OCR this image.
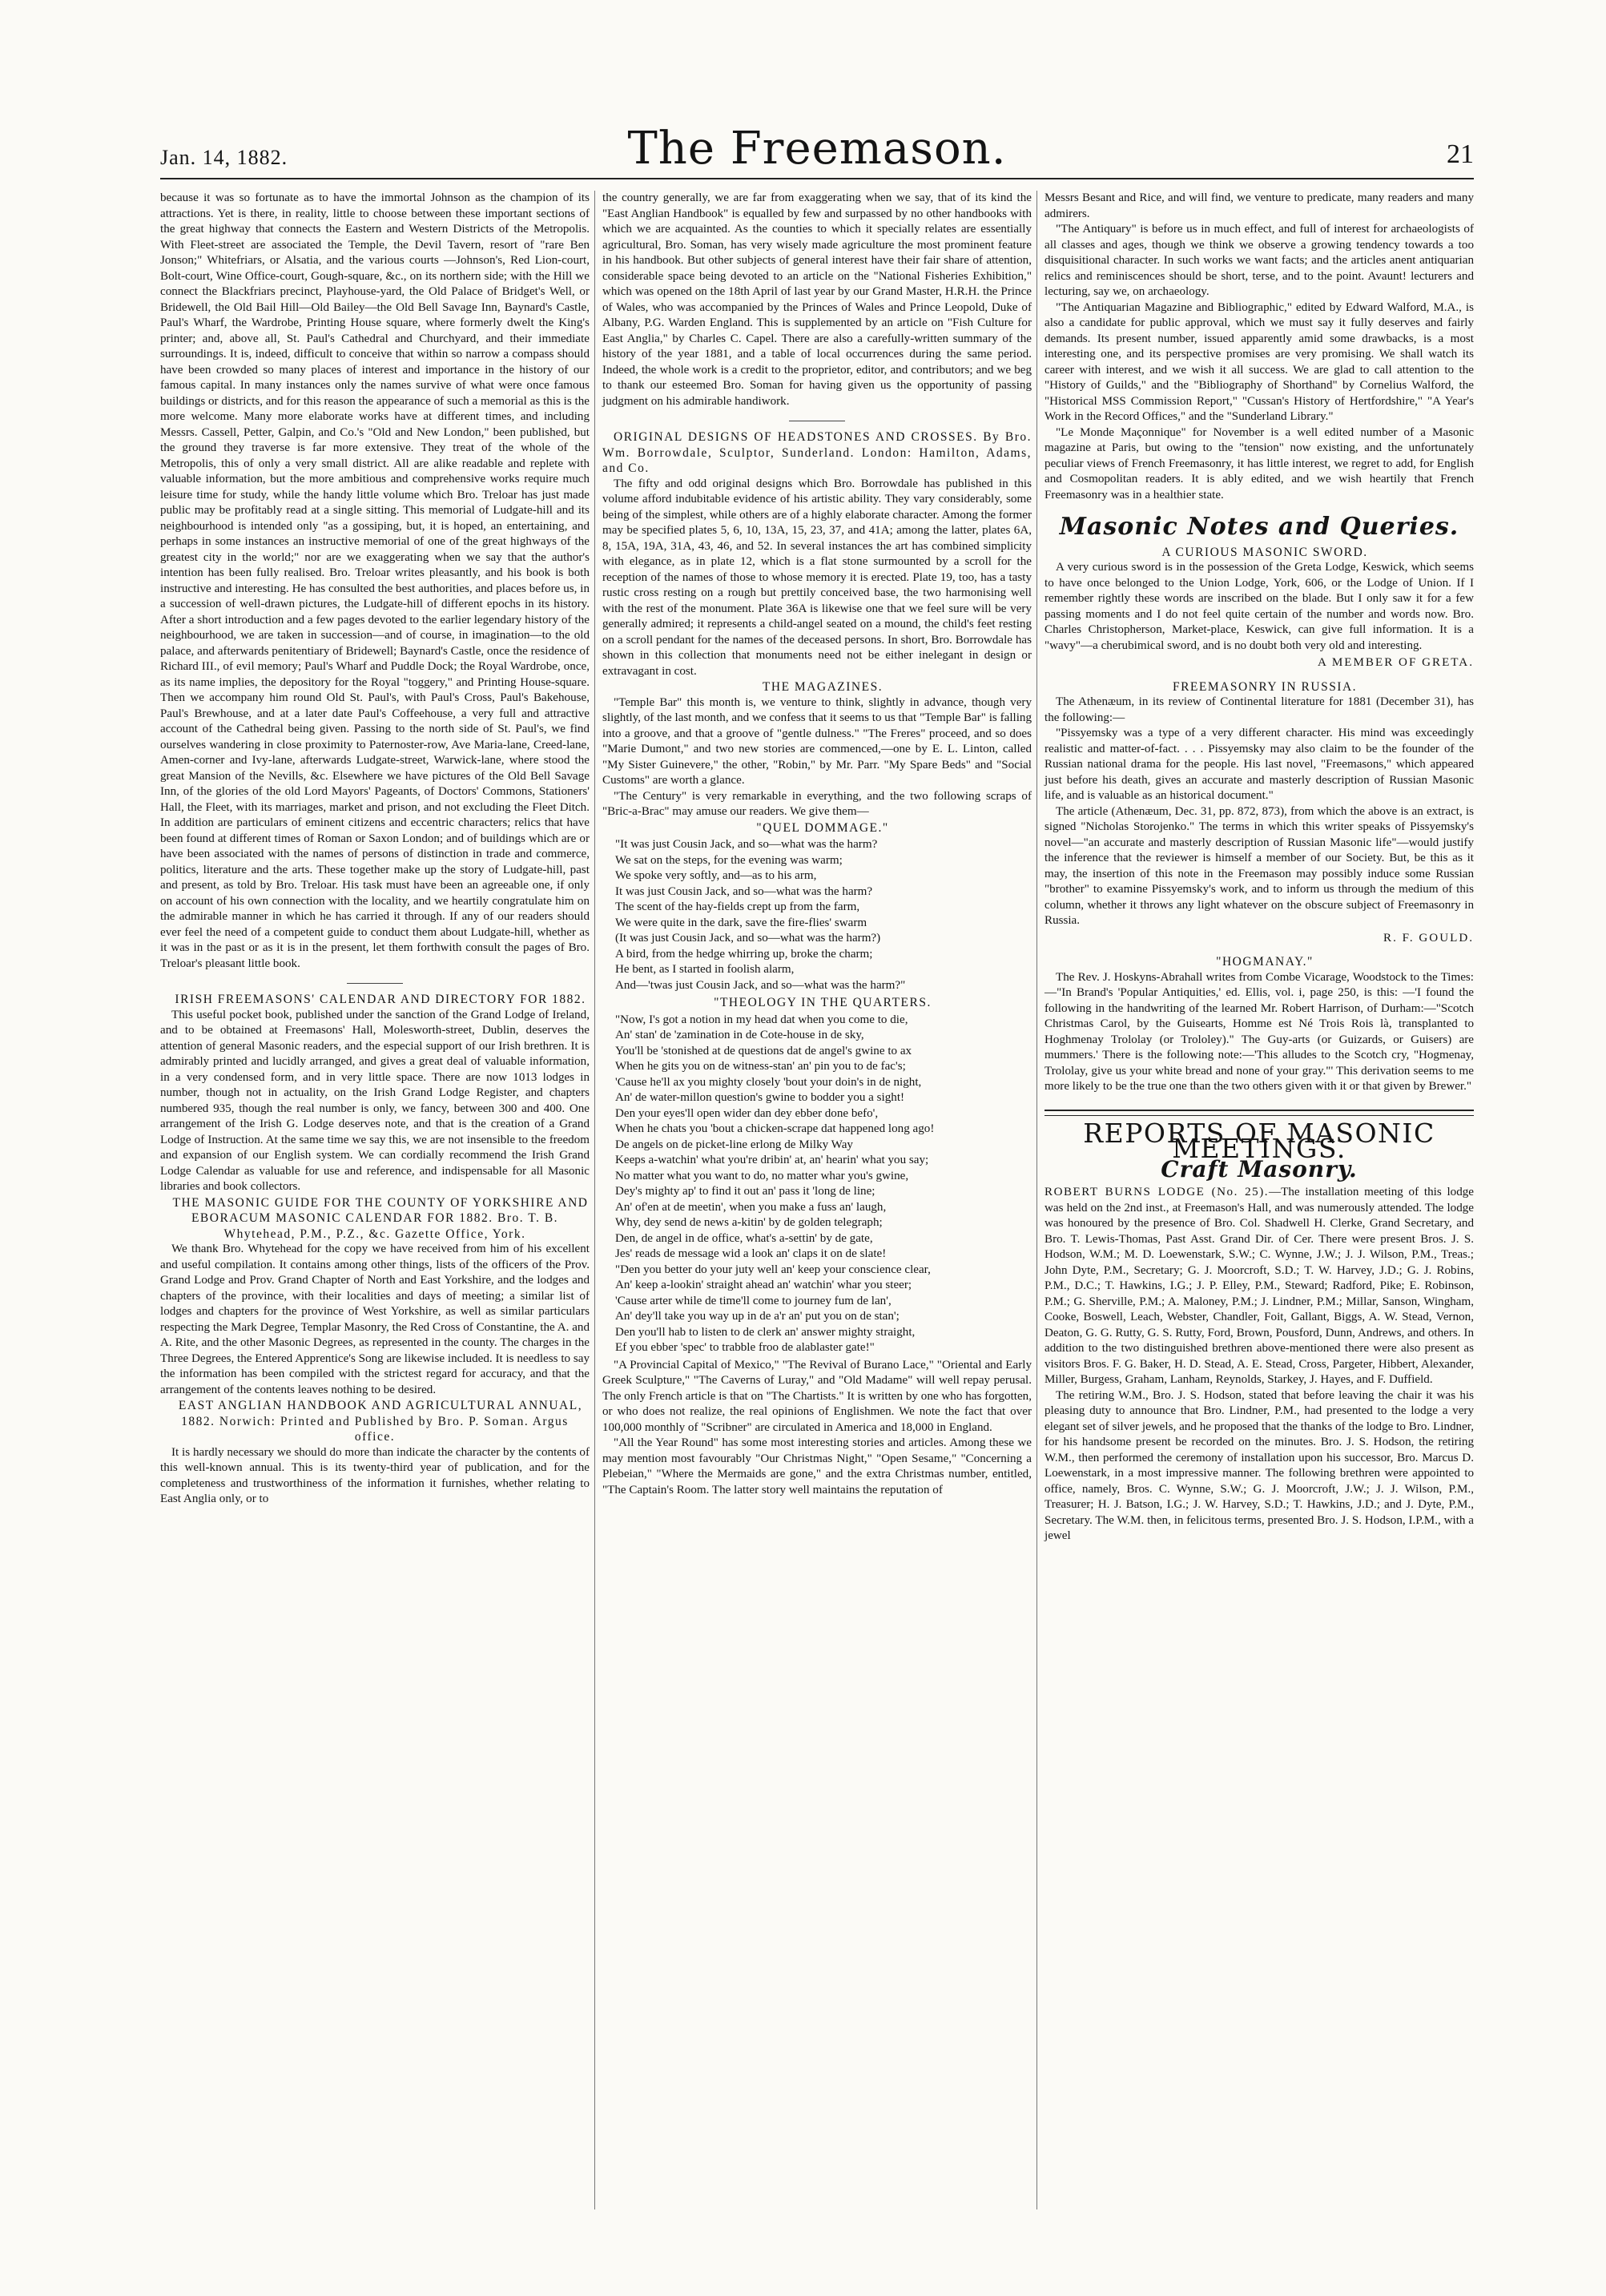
Jan. 14, 1882.	The Freemason.	21

because it was so fortunate as to have the immortal Johnson as the champion of its attractions. Yet is there, in reality, little to choose between these important sections of the great highway that connects the Eastern and Western Districts of the Metropolis. With Fleet-street are associated the Temple, the Devil Tavern, resort of "rare Ben Jonson;" Whitefriars, or Alsatia, and the various courts —Johnson's, Red Lion-court, Bolt-court, Wine Office-court, Gough-square, &c., on its northern side; with the Hill we connect the Blackfriars precinct, Playhouse-yard, the Old Palace of Bridget's Well, or Bridewell, the Old Bail Hill—Old Bailey—the Old Bell Savage Inn, Baynard's Castle, Paul's Wharf, the Wardrobe, Printing House square, where formerly dwelt the King's printer; and, above all, St. Paul's Cathedral and Churchyard, and their immediate surroundings. It is, indeed, difficult to conceive that within so narrow a compass should have been crowded so many places of interest and importance in the history of our famous capital. In many instances only the names survive of what were once famous buildings or districts, and for this reason the appearance of such a memorial as this is the more welcome. Many more elaborate works have at different times, and including Messrs. Cassell, Petter, Galpin, and Co.'s "Old and New London," been published, but the ground they traverse is far more extensive. They treat of the whole of the Metropolis, this of only a very small district. All are alike readable and replete with valuable information, but the more ambitious and comprehensive works require much leisure time for study, while the handy little volume which Bro. Treloar has just made public may be profitably read at a single sitting. This memorial of Ludgate-hill and its neighbourhood is intended only "as a gossiping, but, it is hoped, an entertaining, and perhaps in some instances an instructive memorial of one of the great highways of the greatest city in the world;" nor are we exaggerating when we say that the author's intention has been fully realised. Bro. Treloar writes pleasantly, and his book is both instructive and interesting. He has consulted the best authorities, and places before us, in a succession of well-drawn pictures, the Ludgate-hill of different epochs in its history. After a short introduction and a few pages devoted to the earlier legendary history of the neighbourhood, we are taken in succession—and of course, in imagination—to the old palace, and afterwards penitentiary of Bridewell; Baynard's Castle, once the residence of Richard III., of evil memory; Paul's Wharf and Puddle Dock; the Royal Wardrobe, once, as its name implies, the depository for the Royal "toggery," and Printing House-square. Then we accompany him round Old St. Paul's, with Paul's Cross, Paul's Bakehouse, Paul's Brewhouse, and at a later date Paul's Coffeehouse, a very full and attractive account of the Cathedral being given. Passing to the north side of St. Paul's, we find ourselves wandering in close proximity to Paternoster-row, Ave Maria-lane, Creed-lane, Amen-corner and Ivy-lane, afterwards Ludgate-street, Warwick-lane, where stood the great Mansion of the Nevills, &c. Elsewhere we have pictures of the Old Bell Savage Inn, of the glories of the old Lord Mayors' Pageants, of Doctors' Commons, Stationers' Hall, the Fleet, with its marriages, market and prison, and not excluding the Fleet Ditch. In addition are particulars of eminent citizens and eccentric characters; relics that have been found at different times of Roman or Saxon London; and of buildings which are or have been associated with the names of persons of distinction in trade and commerce, politics, literature and the arts. These together make up the story of Ludgate-hill, past and present, as told by Bro. Treloar. His task must have been an agreeable one, if only on account of his own connection with the locality, and we heartily congratulate him on the admirable manner in which he has carried it through. If any of our readers should ever feel the need of a competent guide to conduct them about Ludgate-hill, whether as it was in the past or as it is in the present, let them forthwith consult the pages of Bro. Treloar's pleasant little book.

IRISH FREEMASONS' CALENDAR AND DIRECTORY FOR 1882.

This useful pocket book, published under the sanction of the Grand Lodge of Ireland, and to be obtained at Freemasons' Hall, Molesworth-street, Dublin, deserves the attention of general Masonic readers, and the especial support of our Irish brethren. It is admirably printed and lucidly arranged, and gives a great deal of valuable information, in a very condensed form, and in very little space. There are now 1013 lodges in number, though not in actuality, on the Irish Grand Lodge Register, and chapters numbered 935, though the real number is only, we fancy, between 300 and 400. One arrangement of the Irish G. Lodge deserves note, and that is the creation of a Grand Lodge of Instruction. At the same time we say this, we are not insensible to the freedom and expansion of our English system. We can cordially recommend the Irish Grand Lodge Calendar as valuable for use and reference, and indispensable for all Masonic libraries and book collectors.

THE MASONIC GUIDE FOR THE COUNTY OF YORKSHIRE AND EBORACUM MASONIC CALENDAR FOR 1882. Bro. T. B. Whytehead, P.M., P.Z., &c. Gazette Office, York.

We thank Bro. Whytehead for the copy we have received from him of his excellent and useful compilation. It contains among other things, lists of the officers of the Prov. Grand Lodge and Prov. Grand Chapter of North and East Yorkshire, and the lodges and chapters of the province, with their localities and days of meeting; a similar list of lodges and chapters for the province of West Yorkshire, as well as similar particulars respecting the Mark Degree, Templar Masonry, the Red Cross of Constantine, the A. and A. Rite, and the other Masonic Degrees, as represented in the county. The charges in the Three Degrees, the Entered Apprentice's Song are likewise included. It is needless to say the information has been compiled with the strictest regard for accuracy, and that the arrangement of the contents leaves nothing to be desired.

EAST ANGLIAN HANDBOOK AND AGRICULTURAL ANNUAL, 1882. Norwich: Printed and Published by Bro. P. Soman. Argus office.

It is hardly necessary we should do more than indicate the character by the contents of this well-known annual. This is its twenty-third year of publication, and for the completeness and trustworthiness of the information it furnishes, whether relating to East Anglia only, or to

the country generally, we are far from exaggerating when we say, that of its kind the "East Anglian Handbook" is equalled by few and surpassed by no other handbooks with which we are acquainted. As the counties to which it specially relates are essentially agricultural, Bro. Soman, has very wisely made agriculture the most prominent feature in his handbook. But other subjects of general interest have their fair share of attention, considerable space being devoted to an article on the "National Fisheries Exhibition," which was opened on the 18th April of last year by our Grand Master, H.R.H. the Prince of Wales, who was accompanied by the Princes of Wales and Prince Leopold, Duke of Albany, P.G. Warden England. This is supplemented by an article on "Fish Culture for East Anglia," by Charles C. Capel. There are also a carefully-written summary of the history of the year 1881, and a table of local occurrences during the same period. Indeed, the whole work is a credit to the proprietor, editor, and contributors; and we beg to thank our esteemed Bro. Soman for having given us the opportunity of passing judgment on his admirable handiwork.

ORIGINAL DESIGNS OF HEADSTONES AND CROSSES. By Bro. Wm. Borrowdale, Sculptor, Sunderland. London: Hamilton, Adams, and Co.

The fifty and odd original designs which Bro. Borrowdale has published in this volume afford indubitable evidence of his artistic ability. They vary considerably, some being of the simplest, while others are of a highly elaborate character. Among the former may be specified plates 5, 6, 10, 13A, 15, 23, 37, and 41A; among the latter, plates 6A, 8, 15A, 19A, 31A, 43, 46, and 52. In several instances the art has combined simplicity with elegance, as in plate 12, which is a flat stone surmounted by a scroll for the reception of the names of those to whose memory it is erected. Plate 19, too, has a tasty rustic cross resting on a rough but prettily conceived base, the two harmonising well with the rest of the monument. Plate 36A is likewise one that we feel sure will be very generally admired; it represents a child-angel seated on a mound, the child's feet resting on a scroll pendant for the names of the deceased persons. In short, Bro. Borrowdale has shown in this collection that monuments need not be either inelegant in design or extravagant in cost.

THE MAGAZINES.

"Temple Bar" this month is, we venture to think, slightly in advance, though very slightly, of the last month, and we confess that it seems to us that "Temple Bar" is falling into a groove, and that a groove of "gentle dulness." "The Freres" proceed, and so does "Marie Dumont," and two new stories are commenced,—one by E. L. Linton, called "My Sister Guinevere," the other, "Robin," by Mr. Parr. "My Spare Beds" and "Social Customs" are worth a glance.

"The Century" is very remarkable in everything, and the two following scraps of "Bric-a-Brac" may amuse our readers. We give them—

"QUEL DOMMAGE."

"It was just Cousin Jack, and so—what was the harm?

We sat on the steps, for the evening was warm;

We spoke very softly, and—as to his arm,

It was just Cousin Jack, and so—what was the harm?

The scent of the hay-fields crept up from the farm,

We were quite in the dark, save the fire-flies' swarm

(It was just Cousin Jack, and so—what was the harm?)

A bird, from the hedge whirring up, broke the charm;

He bent, as I started in foolish alarm,

And—'twas just Cousin Jack, and so—what was the harm?"

"THEOLOGY IN THE QUARTERS.

"Now, I's got a notion in my head dat when you come to die,

An' stan' de 'zamination in de Cote-house in de sky,

You'll be 'stonished at de questions dat de angel's gwine to ax

When he gits you on de witness-stan' an' pin you to de fac's;

'Cause he'll ax you mighty closely 'bout your doin's in de night,

An' de water-millon question's gwine to bodder you a sight!

Den your eyes'll open wider dan dey ebber done befo',

When he chats you 'bout a chicken-scrape dat happened long ago!

De angels on de picket-line erlong de Milky Way

Keeps a-watchin' what you're dribin' at, an' hearin' what you say;

No matter what you want to do, no matter whar you's gwine,

Dey's mighty ap' to find it out an' pass it 'long de line;

An' of'en at de meetin', when you make a fuss an' laugh,

Why, dey send de news a-kitin' by de golden telegraph;

Den, de angel in de office, what's a-settin' by de gate,

Jes' reads de message wid a look an' claps it on de slate!

"Den you better do your juty well an' keep your conscience clear,

An' keep a-lookin' straight ahead an' watchin' whar you steer;

'Cause arter while de time'll come to journey fum de lan',

An' dey'll take you way up in de a'r an' put you on de stan';

Den you'll hab to listen to de clerk an' answer mighty straight,

Ef you ebber 'spec' to trabble froo de alablaster gate!"

"A Provincial Capital of Mexico," "The Revival of Burano Lace," "Oriental and Early Greek Sculpture," "The Caverns of Luray," and "Old Madame" will well repay perusal. The only French article is that on "The Chartists." It is written by one who has forgotten, or who does not realize, the real opinions of Englishmen. We note the fact that over 100,000 monthly of "Scribner" are circulated in America and 18,000 in England.

"All the Year Round" has some most interesting stories and articles. Among these we may mention most favourably "Our Christmas Night," "Open Sesame," "Concerning a Plebeian," "Where the Mermaids are gone," and the extra Christmas number, entitled, "The Captain's Room. The latter story well maintains the reputation of

Messrs Besant and Rice, and will find, we venture to predicate, many readers and many admirers.

"The Antiquary" is before us in much effect, and full of interest for archaeologists of all classes and ages, though we think we observe a growing tendency towards a too disquisitional character. In such works we want facts; and the articles anent antiquarian relics and reminiscences should be short, terse, and to the point. Avaunt! lecturers and lecturing, say we, on archaeology.

"The Antiquarian Magazine and Bibliographic," edited by Edward Walford, M.A., is also a candidate for public approval, which we must say it fully deserves and fairly demands. Its present number, issued apparently amid some drawbacks, is a most interesting one, and its perspective promises are very promising. We shall watch its career with interest, and we wish it all success. We are glad to call attention to the "History of Guilds," and the "Bibliography of Shorthand" by Cornelius Walford, the "Historical MSS Commission Report," "Cussan's History of Hertfordshire," "A Year's Work in the Record Offices," and the "Sunderland Library."

"Le Monde Maçonnique" for November is a well edited number of a Masonic magazine at Paris, but owing to the "tension" now existing, and the unfortunately peculiar views of French Freemasonry, it has little interest, we regret to add, for English and Cosmopolitan readers. It is ably edited, and we wish heartily that French Freemasonry was in a healthier state.

Masonic Notes and Queries.

A CURIOUS MASONIC SWORD.

A very curious sword is in the possession of the Greta Lodge, Keswick, which seems to have once belonged to the Union Lodge, York, 606, or the Lodge of Union. If I remember rightly these words are inscribed on the blade. But I only saw it for a few passing moments and I do not feel quite certain of the number and words now. Bro. Charles Christopherson, Market-place, Keswick, can give full information. It is a "wavy"—a cherubimical sword, and is no doubt both very old and interesting.

A MEMBER OF GRETA.

FREEMASONRY IN RUSSIA.

The Athenæum, in its review of Continental literature for 1881 (December 31), has the following:—

"Pissyemsky was a type of a very different character. His mind was exceedingly realistic and matter-of-fact. . . . Pissyemsky may also claim to be the founder of the Russian national drama for the people. His last novel, "Freemasons," which appeared just before his death, gives an accurate and masterly description of Russian Masonic life, and is valuable as an historical document."

The article (Athenæum, Dec. 31, pp. 872, 873), from which the above is an extract, is signed "Nicholas Storojenko." The terms in which this writer speaks of Pissyemsky's novel—"an accurate and masterly description of Russian Masonic life"—would justify the inference that the reviewer is himself a member of our Society. But, be this as it may, the insertion of this note in the Freemason may possibly induce some Russian "brother" to examine Pissyemsky's work, and to inform us through the medium of this column, whether it throws any light whatever on the obscure subject of Freemasonry in Russia.

R. F. GOULD.

"HOGMANAY."

The Rev. J. Hoskyns-Abrahall writes from Combe Vicarage, Woodstock to the Times:—"In Brand's 'Popular Antiquities,' ed. Ellis, vol. i, page 250, is this: —'I found the following in the handwriting of the learned Mr. Robert Harrison, of Durham:—"Scotch Christmas Carol, by the Guisearts, Homme est Né Trois Rois là, transplanted to Hoghmenay Trololay (or Trololey)." The Guy-arts (or Guizards, or Guisers) are mummers.' There is the following note:—'This alludes to the Scotch cry, "Hogmenay, Trololay, give us your white bread and none of your gray."' This derivation seems to me more likely to be the true one than the two others given with it or that given by Brewer."

REPORTS OF MASONIC MEETINGS.
Craft Masonry.

ROBERT BURNS LODGE (No. 25).—The installation meeting of this lodge was held on the 2nd inst., at Freemason's Hall, and was numerously attended. The lodge was honoured by the presence of Bro. Col. Shadwell H. Clerke, Grand Secretary, and Bro. T. Lewis-Thomas, Past Asst. Grand Dir. of Cer. There were present Bros. J. S. Hodson, W.M.; M. D. Loewenstark, S.W.; C. Wynne, J.W.; J. J. Wilson, P.M., Treas.; John Dyte, P.M., Secretary; G. J. Moorcroft, S.D.; T. W. Harvey, J.D.; G. J. Robins, P.M., D.C.; T. Hawkins, I.G.; J. P. Elley, P.M., Steward; Radford, Pike; E. Robinson, P.M.; G. Sherville, P.M.; A. Maloney, P.M.; J. Lindner, P.M.; Millar, Sanson, Wingham, Cooke, Boswell, Leach, Webster, Chandler, Foit, Gallant, Biggs, A. W. Stead, Vernon, Deaton, G. G. Rutty, G. S. Rutty, Ford, Brown, Pousford, Dunn, Andrews, and others. In addition to the two distinguished brethren above-mentioned there were also present as visitors Bros. F. G. Baker, H. D. Stead, A. E. Stead, Cross, Pargeter, Hibbert, Alexander, Miller, Burgess, Graham, Lanham, Reynolds, Starkey, J. Hayes, and F. Duffield.

The retiring W.M., Bro. J. S. Hodson, stated that before leaving the chair it was his pleasing duty to announce that Bro. Lindner, P.M., had presented to the lodge a very elegant set of silver jewels, and he proposed that the thanks of the lodge to Bro. Lindner, for his handsome present be recorded on the minutes. Bro. J. S. Hodson, the retiring W.M., then performed the ceremony of installation upon his successor, Bro. Marcus D. Loewenstark, in a most impressive manner. The following brethren were appointed to office, namely, Bros. C. Wynne, S.W.; G. J. Moorcroft, J.W.; J. J. Wilson, P.M., Treasurer; H. J. Batson, I.G.; J. W. Harvey, S.D.; T. Hawkins, J.D.; and J. Dyte, P.M., Secretary. The W.M. then, in felicitous terms, presented Bro. J. S. Hodson, I.P.M., with a jewel
